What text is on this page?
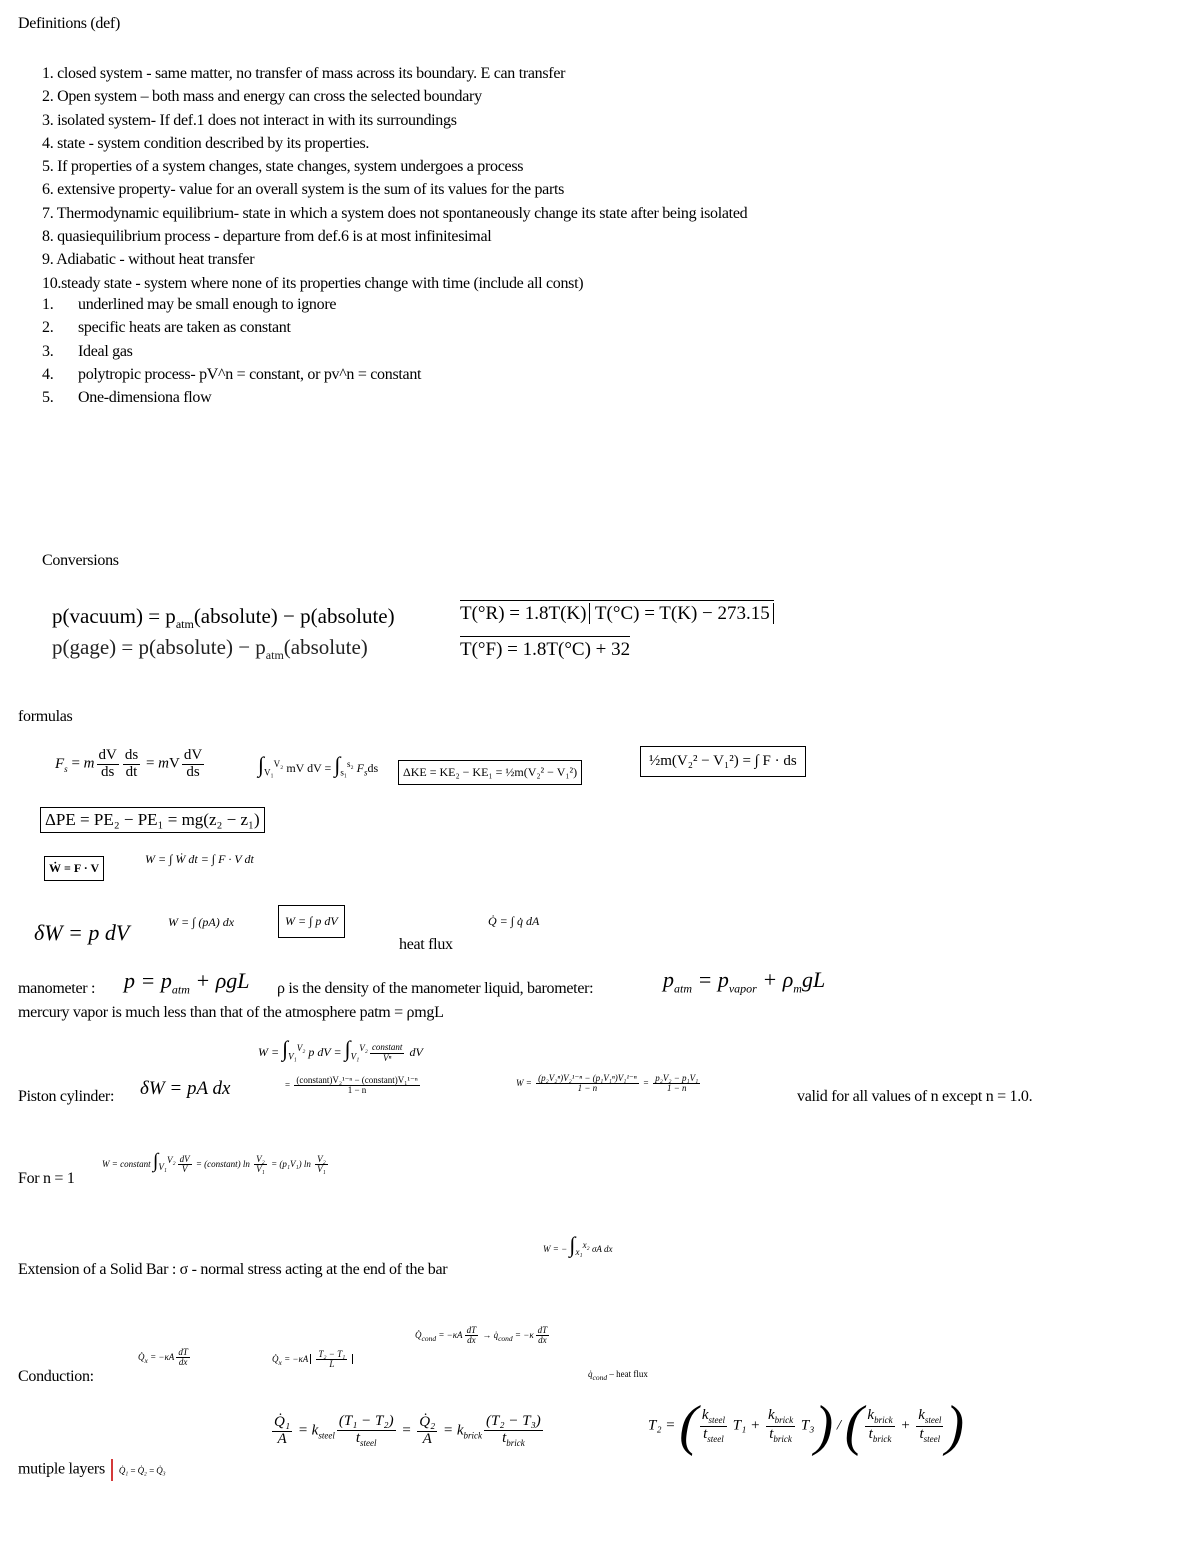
Definitions (def)
1. closed system - same matter, no transfer of mass across its boundary. E can transfer
2. Open system – both mass and energy can cross the selected boundary
3. isolated system- If def.1 does not interact in with its surroundings
4. state - system condition described by its properties.
5. If properties of a system changes, state changes, system undergoes a process
6. extensive property- value for an overall system is the sum of its values for the parts
7. Thermodynamic equilibrium- state in which a system does not spontaneously change its state after being isolated
8. quasiequilibrium process - departure from def.6 is at most infinitesimal
9. Adiabatic - without heat transfer
10.steady state - system where none of its properties change with time (include all const)
1. underlined may be small enough to ignore
2. specific heats are taken as constant
3. Ideal gas
4. polytropic process- pV^n = constant, or pv^n = constant
5. One-dimensiona flow
Conversions
p(vacuum) = $p_{atm}(absolute)$ − p(absolute)
p(gage) = p(absolute) − $p_{atm}(absolute)$
T(°R) = 1.8T(K) T(°C) = T(K) − 273.15
T(°F) = 1.8T(°C) + 32
formulas
$F_s = m \frac{dV}{ds} \frac{ds}{dt}$ = mV $\frac{dV}{ds} \int_{V_1}^{V_2}$ mV dV = $\int_{s_1}^{s_2}$ $F_sds$	ΔKE = KE₂ − KE₁ = ½m(V₂² − V₁²)
½m(V₂² − V₁²) = ∫ F · ds
ΔPE = PE₂ − PE₁ = mg(z₂ − z₁)
Ẇ = F · V
W = ∫ Ẇ dt = ∫ F · V dt
δW = p dV	W = ∫ (pA) dx	W = ∫ p dV
heat flux
Q̇ = ∫ q̇ dA
manometer : $p = p_{atm} + \rho gL$ ρ is the density of the manometer liquid, barometer:	$p_{atm} = p_{vapor} + \rho_mgL$
mercury vapor is much less than that of the atmosphere patm = ρmgL
$W = \int_{V_1}^{V_2}$ p dV = $\int_{V_1}^{V_2} \frac{\text{constant}}{\text{Vⁿ}}$ dV
Piston cylinder: δW = pA dx	= $\frac{\text{(constant)V₂¹⁻ⁿ − (constant)V₁¹⁻ⁿ}}{1 - n}$	$W = \frac{\text{(p₂V₂ⁿ)V₂¹⁻ⁿ − (p₁V₁ⁿ)V₁¹⁻ⁿ}}{1 - n} = \frac{\text{p₂V₂ − p₁V₁}}{1 - n}$
valid for all values of n except n = 1.0.
W = constant $\int_{V_1}^{V_2} \frac{dV}{V}$ = (constant) $\ln \frac{\text{V₂}}{\text{V₁}} = (p_1V_1)$ $\ln \frac{\text{V₂}}{\text{V₁}}$
For n = 1
W = − $\int_{x_1}^{x_2}$ σA dx
Extension of a Solid Bar : σ - normal stress acting at the end of the bar
$Q̇_{cond} = -\kappa A \frac{dT}{dx}$ → $q̇_{cond} = -\kappa \frac{dT}{dx}$
Conduction:
$Q̇_x = -\kappa A \frac{dT}{dx}$	$Q̇_x = -\kappa A \frac{\text{T₂ − T₁}}{L}$
$q̇_{cond}$ – heat flux
$\frac{\text{Q̇₁}}{A} = k_{steel} \frac{\text{(T₁ − T₂)}}{t_{steel}} = \frac{\text{Q̇₂}}{A} = k_{brick} \frac{\text{(T₂ − T₃)}}{t_{brick}}$	T₂ = ( $\frac{k_{steel}}{t_{steel}} T_1 + \frac{k_{brick}}{t_{brick}} T_3$) / ( $\frac{k_{brick}}{t_{brick}} + \frac{k_{steel}}{t_{steel}}$ )
mutiple layers Q̇₁ = Q̇₂ = Q̇₃
